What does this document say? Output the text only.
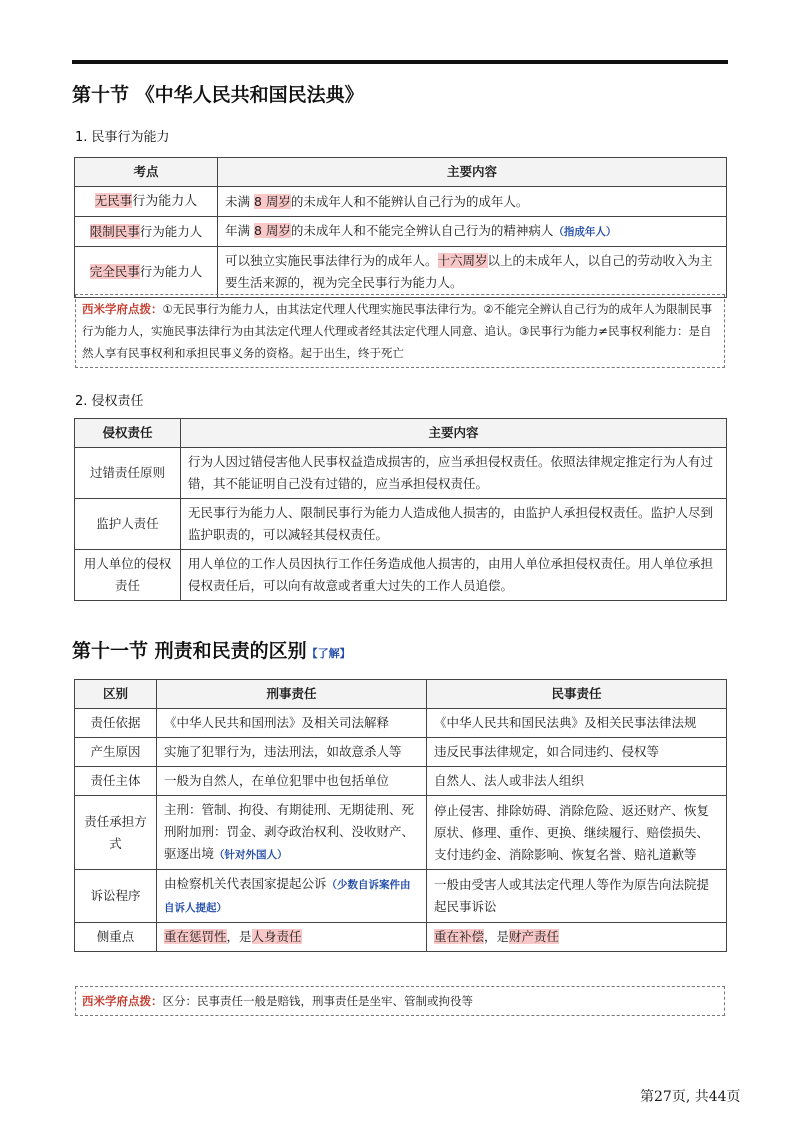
第十节 《中华人民共和国民法典》
1. 民事行为能力
考点	主要内容
无民事行为能力人	未满 8 周岁的未成年人和不能辨认自己行为的成年人。
限制民事行为能力人	年满 8 周岁的未成年人和不能完全辨认自己行为的精神病人（指成年人）
完全民事行为能力人	可以独立实施民事法律行为的成年人。十六周岁以上的未成年人，以自己的劳动收入为主要生活来源的，视为完全民事行为能力人。
西米学府点拨：①无民事行为能力人，由其法定代理人代理实施民事法律行为。②不能完全辨认自己行为的成年人为限制民事行为能力人，实施民事法律行为由其法定代理人代理或者经其法定代理人同意、追认。③民事行为能力≠民事权利能力：是自然人享有民事权利和承担民事义务的资格。起于出生，终于死亡
2. 侵权责任
侵权责任	主要内容
过错责任原则	行为人因过错侵害他人民事权益造成损害的，应当承担侵权责任。依照法律规定推定行为人有过错，其不能证明自己没有过错的，应当承担侵权责任。
监护人责任	无民事行为能力人、限制民事行为能力人造成他人损害的，由监护人承担侵权责任。监护人尽到监护职责的，可以减轻其侵权责任。
用人单位的侵权责任	用人单位的工作人员因执行工作任务造成他人损害的，由用人单位承担侵权责任。用人单位承担侵权责任后，可以向有故意或者重大过失的工作人员追偿。
第十一节 刑责和民责的区别【了解】
区别	刑事责任	民事责任
责任依据	《中华人民共和国刑法》及相关司法解释	《中华人民共和国民法典》及相关民事法律法规
产生原因	实施了犯罪行为，违法刑法，如故意杀人等	违反民事法律规定，如合同违约、侵权等
责任主体	一般为自然人，在单位犯罪中也包括单位	自然人、法人或非法人组织
责任承担方式	主刑：管制、拘役、有期徒刑、无期徒刑、死刑附加刑：罚金、剥夺政治权利、没收财产、驱逐出境（针对外国人）	停止侵害、排除妨碍、消除危险、返还财产、恢复原状、修理、重作、更换、继续履行、赔偿损失、支付违约金、消除影响、恢复名誉、赔礼道歉等
诉讼程序	由检察机关代表国家提起公诉（少数自诉案件由自诉人提起）	一般由受害人或其法定代理人等作为原告向法院提起民事诉讼
侧重点	重在惩罚性，是人身责任	重在补偿，是财产责任
西米学府点拨：区分：民事责任一般是赔钱，刑事责任是坐牢、管制或拘役等
第27页, 共44页
